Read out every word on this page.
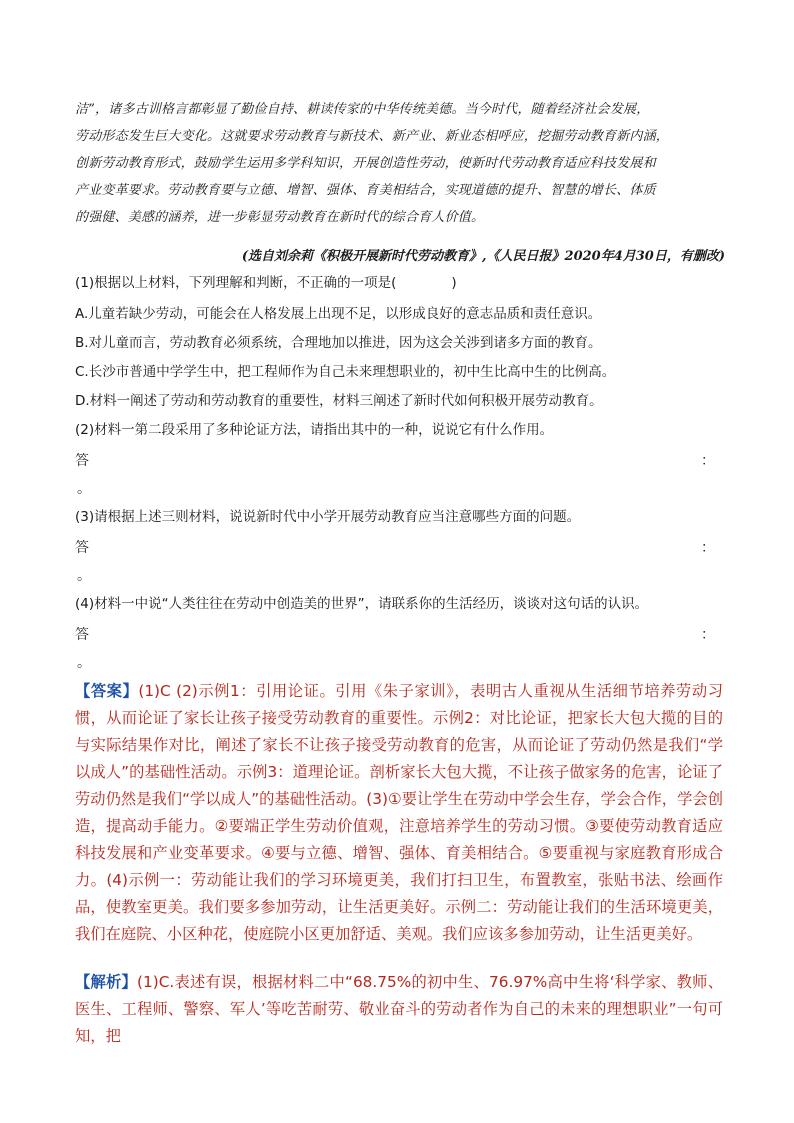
洁”，诸多古训格言都彰显了勤俭自持、耕读传家的中华传统美德。当今时代，随着经济社会发展，
劳动形态发生巨大变化。这就要求劳动教育与新技术、新产业、新业态相呼应，挖掘劳动教育新内涵，
创新劳动教育形式，鼓励学生运用多学科知识，开展创造性劳动，使新时代劳动教育适应科技发展和
产业变革要求。劳动教育要与立德、增智、强体、育美相结合，实现道德的提升、智慧的增长、体质
的强健、美感的涵养，进一步彰显劳动教育在新时代的综合育人价值。
(选自刘余莉《积极开展新时代劳动教育》,《人民日报》2020年4月30日，有删改)
(1)根据以上材料，下列理解和判断，不正确的一项是(	)
A.儿童若缺少劳动，可能会在人格发展上出现不足，以形成良好的意志品质和责任意识。
B.对儿童而言，劳动教育必须系统，合理地加以推进，因为这会关涉到诸多方面的教育。
C.长沙市普通中学学生中，把工程师作为自己未来理想职业的，初中生比高中生的比例高。
D.材料一阐述了劳动和劳动教育的重要性，材料三阐述了新时代如何积极开展劳动教育。
(2)材料一第二段采用了多种论证方法，请指出其中的一种，说说它有什么作用。
答	：
。
(3)请根据上述三则材料，说说新时代中小学开展劳动教育应当注意哪些方面的问题。
答	：
。
(4)材料一中说“人类往往在劳动中创造美的世界”，请联系你的生活经历，谈谈对这句话的认识。
答	：
。
【答案】(1)C (2)示例1：引用论证。引用《朱子家训》，表明古人重视从生活细节培养劳动习惯，从而论证了家长让孩子接受劳动教育的重要性。示例2：对比论证，把家长大包大揽的目的与实际结果作对比，阐述了家长不让孩子接受劳动教育的危害，从而论证了劳动仍然是我们“学以成人”的基础性活动。示例3：道理论证。剖析家长大包大揽，不让孩子做家务的危害，论证了劳动仍然是我们“学以成人”的基础性活动。(3)①要让学生在劳动中学会生存，学会合作，学会创造，提高动手能力。②要端正学生劳动价值观，注意培养学生的劳动习惯。③要使劳动教育适应科技发展和产业变革要求。④要与立德、增智、强体、育美相结合。⑤要重视与家庭教育形成合力。(4)示例一：劳动能让我们的学习环境更美，我们打扫卫生，布置教室，张贴书法、绘画作品，使教室更美。我们要多参加劳动，让生活更美好。示例二：劳动能让我们的生活环境更美，我们在庭院、小区种花，使庭院小区更加舒适、美观。我们应该多参加劳动，让生活更美好。
【解析】(1)C.表述有误，根据材料二中“68.75%的初中生、76.97%高中生将‘科学家、教师、医生、工程师、警察、军人’等吃苦耐劳、敬业奋斗的劳动者作为自己的未来的理想职业”一句可知，把
